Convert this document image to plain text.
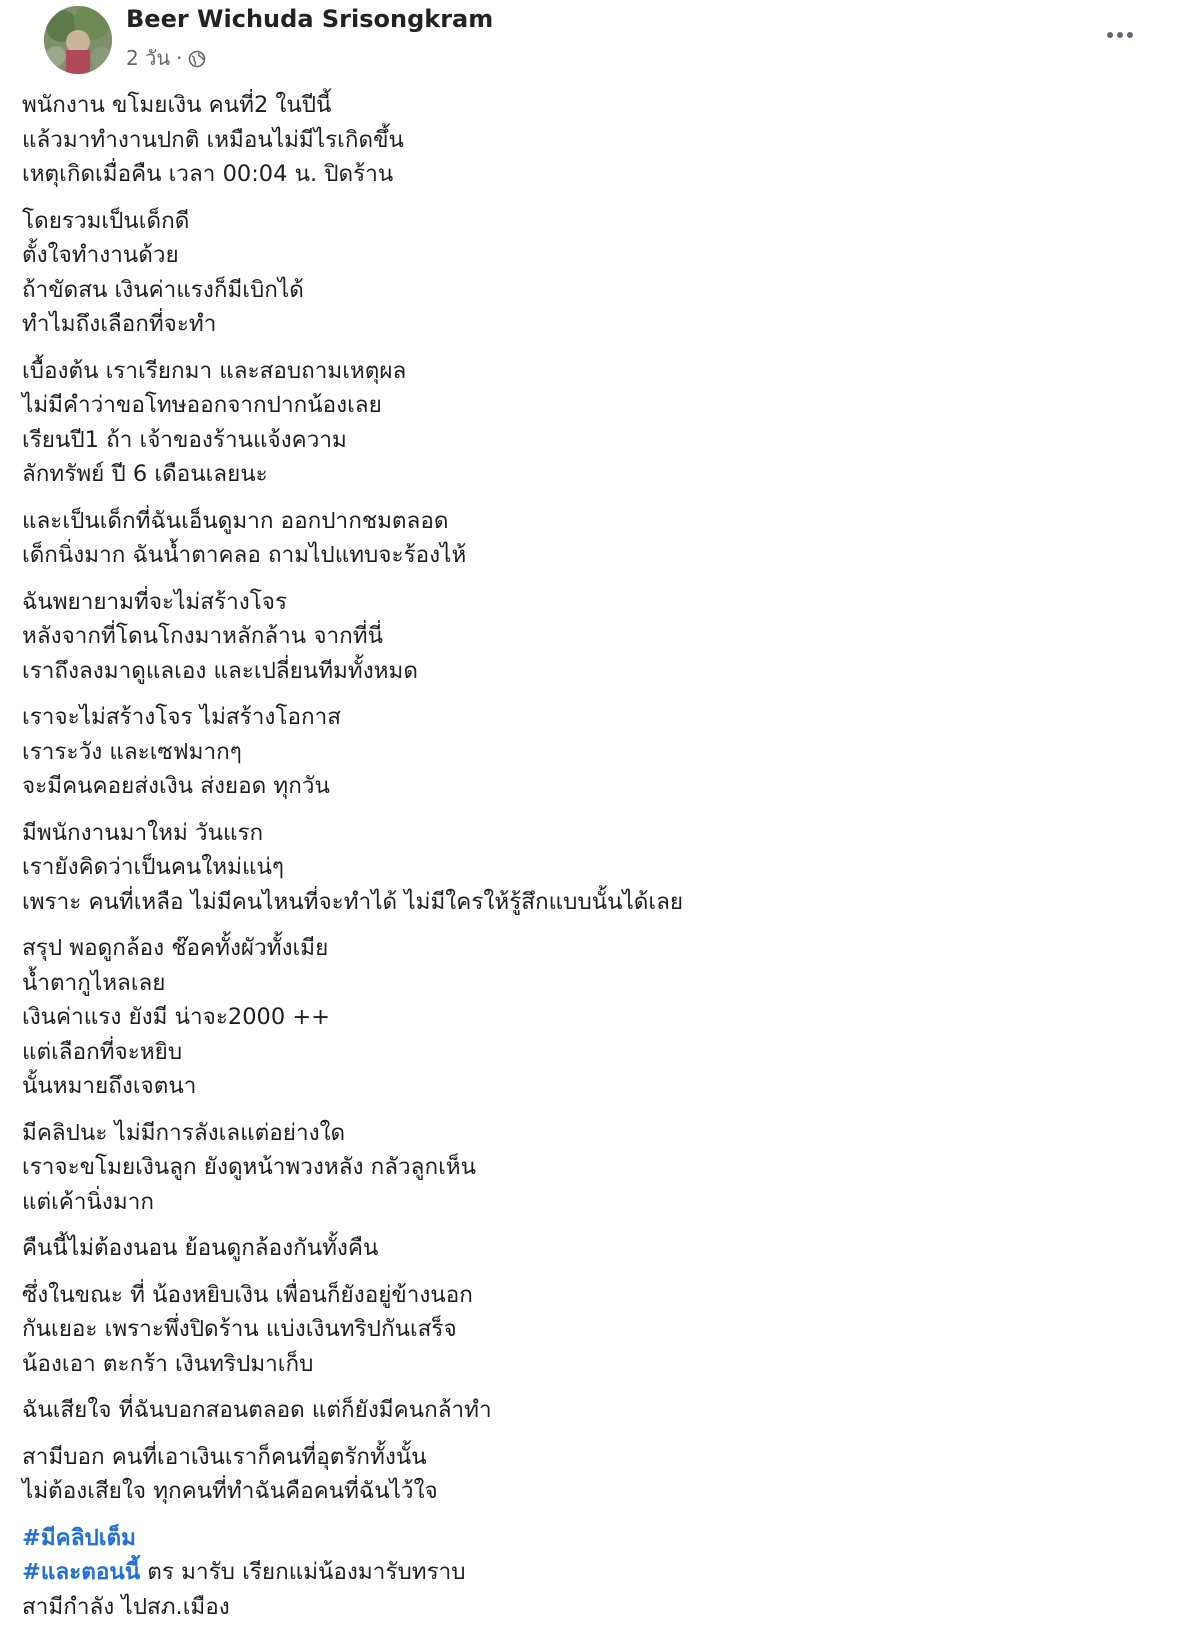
Beer Wichuda Srisongkram
2 วัน ·
พนักงาน ขโมยเงิน คนที่2 ในปีนี้
แล้วมาทำงานปกติ เหมือนไม่มีไรเกิดขึ้น
เหตุเกิดเมื่อคืน เวลา 00:04 น. ปิดร้าน
โดยรวมเป็นเด็กดี
ตั้งใจทำงานด้วย
ถ้าขัดสน เงินค่าแรงก็มีเบิกได้
ทำไมถึงเลือกที่จะทำ
เบื้องต้น เราเรียกมา และสอบถามเหตุผล
ไม่มีคำว่าขอโทษออกจากปากน้องเลย
เรียนปี1 ถ้า เจ้าของร้านแจ้งความ
ลักทรัพย์ ปี 6 เดือนเลยนะ
และเป็นเด็กที่ฉันเอ็นดูมาก ออกปากชมตลอด
เด็กนิ่งมาก ฉันน้ำตาคลอ ถามไปแทบจะร้องไห้
ฉันพยายามที่จะไม่สร้างโจร
หลังจากที่โดนโกงมาหลักล้าน จากที่นี่
เราถึงลงมาดูแลเอง และเปลี่ยนทีมทั้งหมด
เราจะไม่สร้างโจร ไม่สร้างโอกาส
เราระวัง และเซฟมากๆ
จะมีคนคอยส่งเงิน ส่งยอด ทุกวัน
มีพนักงานมาใหม่ วันแรก
เรายังคิดว่าเป็นคนใหม่แน่ๆ
เพราะ คนที่เหลือ ไม่มีคนไหนที่จะทำได้ ไม่มีใครให้รู้สึกแบบนั้นได้เลย
สรุป พอดูกล้อง ช๊อคทั้งผัวทั้งเมีย
น้ำตากูไหลเลย
เงินค่าแรง ยังมี น่าจะ2000 ++
แต่เลือกที่จะหยิบ
นั้นหมายถึงเจตนา
มีคลิปนะ ไม่มีการลังเลแต่อย่างใด
เราจะขโมยเงินลูก ยังดูหน้าพวงหลัง กลัวลูกเห็น
แต่เค้านิ่งมาก
คืนนี้ไม่ต้องนอน ย้อนดูกล้องกันทั้งคืน
ซึ่งในขณะ ที่ น้องหยิบเงิน เพื่อนก็ยังอยู่ข้างนอก
กันเยอะ เพราะพึ่งปิดร้าน แบ่งเงินทริปกันเสร็จ
น้องเอา ตะกร้า เงินทริปมาเก็บ
ฉันเสียใจ ที่ฉันบอกสอนตลอด แต่ก็ยังมีคนกล้าทำ
สามีบอก คนที่เอาเงินเราก็คนที่อุตรักทั้งนั้น
ไม่ต้องเสียใจ ทุกคนที่ทำฉันคือคนที่ฉันไว้ใจ
#มีคลิปเต็ม
#และตอนนี้ ตร มารับ เรียกแม่น้องมารับทราบ
สามีกำลัง ไปสภ.เมือง
